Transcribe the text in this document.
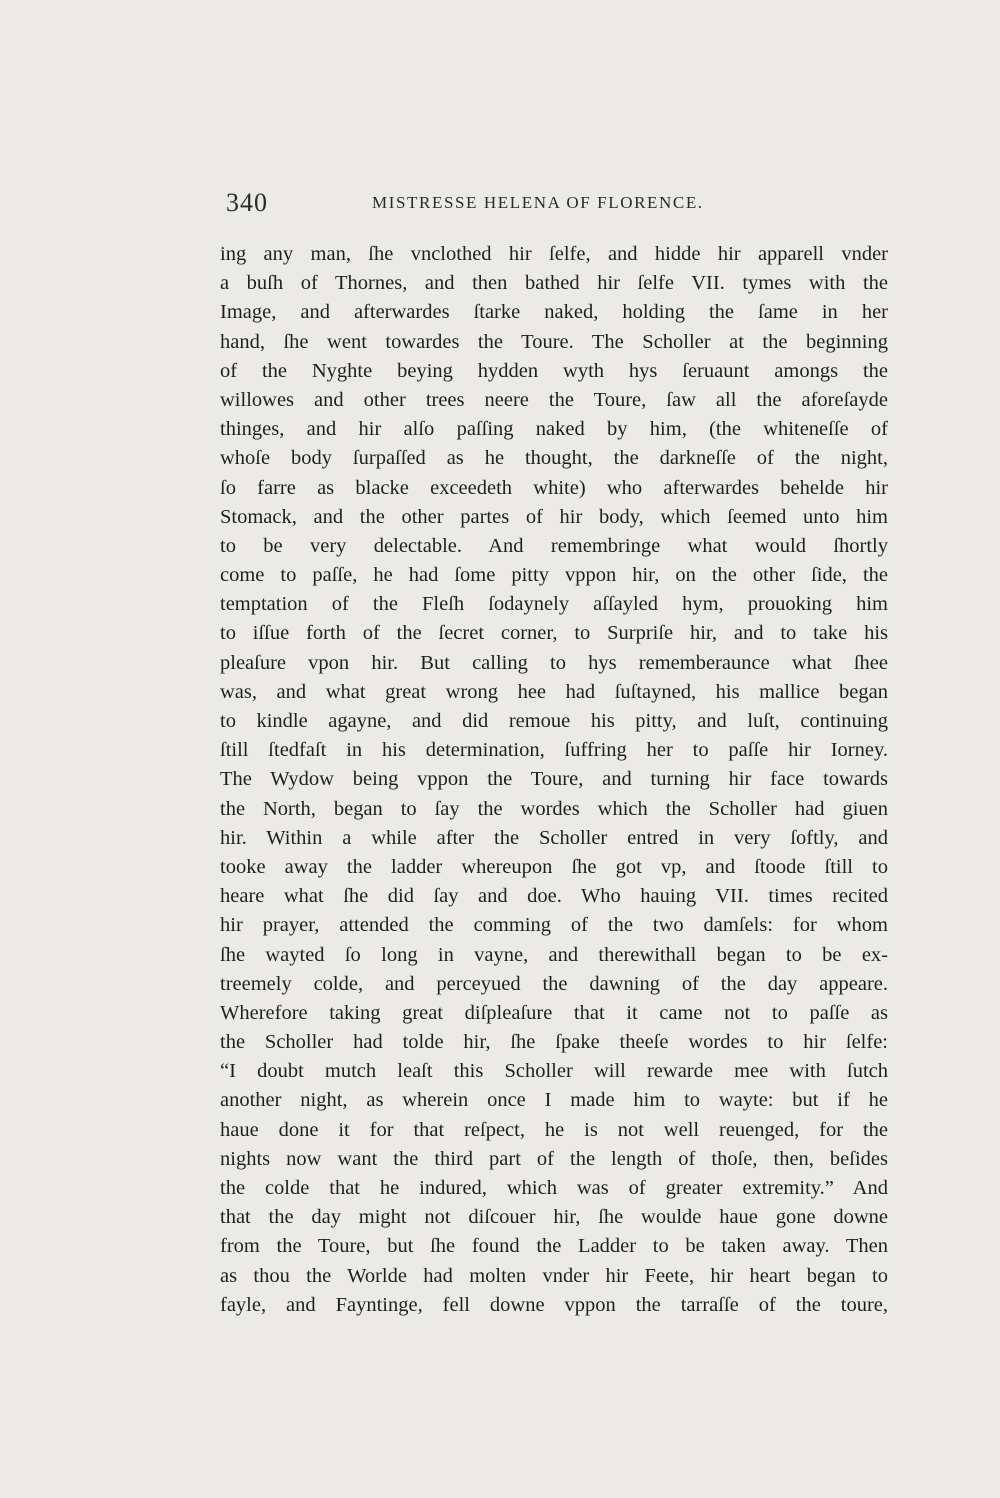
340	MISTRESSE HELENA OF FLORENCE.
ing any man, ſhe vnclothed hir ſelfe, and hidde hir apparell vnder
a buſh of Thornes, and then bathed hir ſelfe VII. tymes with the
Image, and afterwardes ſtarke naked, holding the ſame in her
hand, ſhe went towardes the Toure. The Scholler at the beginning
of the Nyghte beying hydden wyth hys ſeruaunt amongs the
willowes and other trees neere the Toure, ſaw all the aforeſayde
thinges, and hir alſo paſſing naked by him, (the whiteneſſe of
whoſe body ſurpaſſed as he thought, the darkneſſe of the night,
ſo farre as blacke exceedeth white) who afterwardes behelde hir
Stomack, and the other partes of hir body, which ſeemed unto him
to be very delectable. And remembringe what would ſhortly
come to paſſe, he had ſome pitty vppon hir, on the other ſide, the
temptation of the Fleſh ſodaynely aſſayled hym, prouoking him
to iſſue forth of the ſecret corner, to Surpriſe hir, and to take his
pleaſure vpon hir. But calling to hys rememberaunce what ſhee
was, and what great wrong hee had ſuſtayned, his mallice began
to kindle agayne, and did remoue his pitty, and luſt, continuing
ſtill ſtedfaſt in his determination, ſuffring her to paſſe hir Iorney.
The Wydow being vppon the Toure, and turning hir face towards
the North, began to ſay the wordes which the Scholler had giuen
hir. Within a while after the Scholler entred in very ſoftly, and
tooke away the ladder whereupon ſhe got vp, and ſtoode ſtill to
heare what ſhe did ſay and doe. Who hauing VII. times recited
hir prayer, attended the comming of the two damſels: for whom
ſhe wayted ſo long in vayne, and therewithall began to be ex-
treemely colde, and perceyued the dawning of the day appeare.
Wherefore taking great diſpleaſure that it came not to paſſe as
the Scholler had tolde hir, ſhe ſpake theeſe wordes to hir ſelfe:
“I doubt mutch leaſt this Scholler will rewarde mee with ſutch
another night, as wherein once I made him to wayte: but if he
haue done it for that reſpect, he is not well reuenged, for the
nights now want the third part of the length of thoſe, then, beſides
the colde that he indured, which was of greater extremity.” And
that the day might not diſcouer hir, ſhe woulde haue gone downe
from the Toure, but ſhe found the Ladder to be taken away. Then
as thou the Worlde had molten vnder hir Feete, hir heart began to
fayle, and Fayntinge, fell downe vppon the tarraſſe of the toure,
